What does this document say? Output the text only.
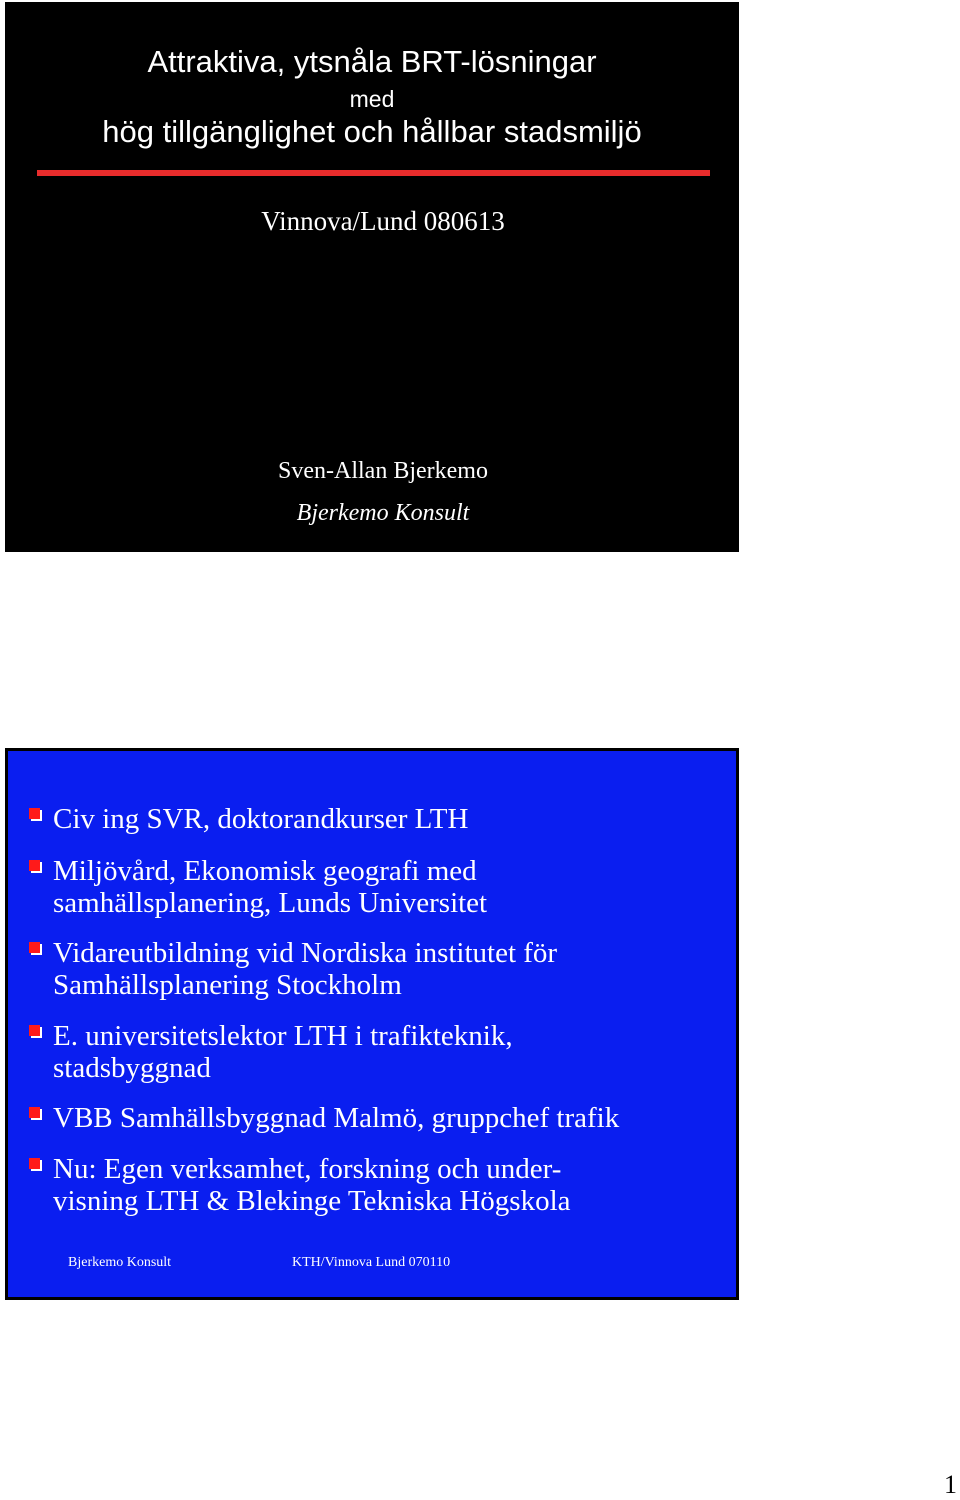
Attraktiva, ytsnåla BRT-lösningar
med
hög tillgänglighet och hållbar stadsmiljö
Vinnova/Lund 080613
Sven-Allan Bjerkemo
Bjerkemo Konsult
Civ ing SVR, doktorandkurser LTH
Miljövård, Ekonomisk geografi med
samhällsplanering, Lunds Universitet
Vidareutbildning vid Nordiska institutet för
Samhällsplanering Stockholm
E. universitetslektor LTH i trafikteknik,
stadsbyggnad
VBB Samhällsbyggnad Malmö, gruppchef trafik
Nu: Egen verksamhet, forskning och under-
visning LTH & Blekinge Tekniska Högskola
Bjerkemo Konsult	KTH/Vinnova Lund 070110
1
